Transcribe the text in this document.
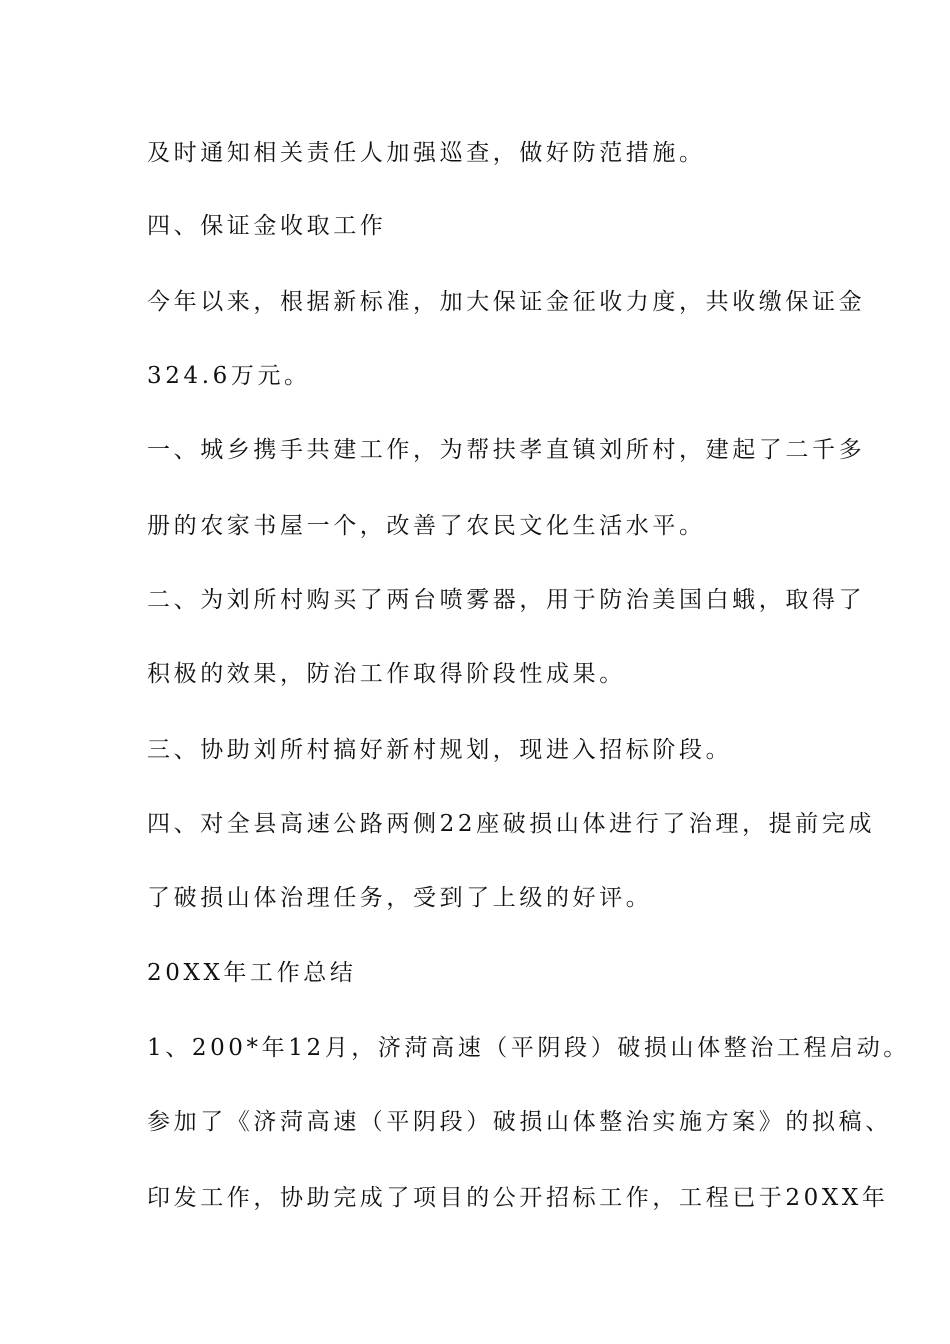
及时通知相关责任人加强巡查，做好防范措施。
四、保证金收取工作
今年以来，根据新标准，加大保证金征收力度，共收缴保证金
324.6万元。
一、城乡携手共建工作，为帮扶孝直镇刘所村，建起了二千多
册的农家书屋一个，改善了农民文化生活水平。
二、为刘所村购买了两台喷雾器，用于防治美国白蛾，取得了
积极的效果，防治工作取得阶段性成果。
三、协助刘所村搞好新村规划，现进入招标阶段。
四、对全县高速公路两侧22座破损山体进行了治理，提前完成
了破损山体治理任务，受到了上级的好评。
20XX年工作总结
1、200*年12月，济菏高速（平阴段）破损山体整治工程启动。
参加了《济菏高速（平阴段）破损山体整治实施方案》的拟稿、
印发工作，协助完成了项目的公开招标工作，工程已于20XX年
